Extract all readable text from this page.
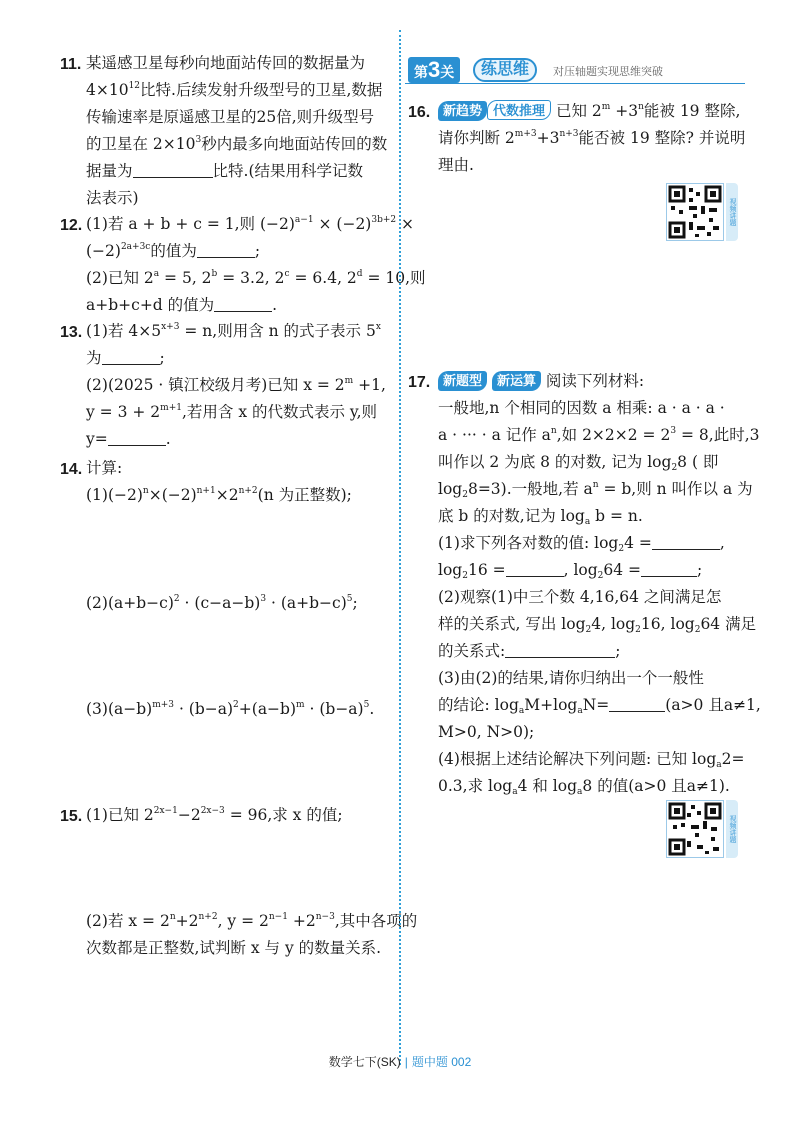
11. 某遥感卫星每秒向地面站传回的数据量为
$4\times 10^{12}$比特.后续发射升级型号的卫星,数据
传输速率是原遥感卫星的25倍,则升级型号
的卫星在 $2\times 10^3$秒内最多向地面站传回的数
据量为	比特.(结果用科学记数
法表示)
12. (1)若 a + b + c = 1,则 $(-2)^{a-1} \times (-2)^{3b+2}$ ×
$(-2)^{2a+3c}$的值为	;
(2)已知 $2^a = 5$, $2^b = 3.2$, $2^c = 6.4$, $2^d = 10$,则
a+b+c+d 的值为	.
13. (1)若 $4\times 5^{x+3} = n$,则用含 n 的式子表示 5$^x$
为	;
(2)(2025 · 镇江校级月考)已知 $x = 2^m +1$,
$y = 3 + 2^{m+1}$,若用含 x 的代数式表示 y,则
y=	.
14. 计算:
$(1)(-2)^n\times(-2)^{n+1}\times 2^{n+2}(n$ 为正整数);
$(2)(a+b-c)^2 \cdot (c-a-b)^3 \cdot (a+b-c)^5$;
$(3)(a-b)^{m+3} \cdot (b-a)^2+(a-b)^m \cdot (b-a)^5$.
15. (1)已知 $2^{2x-1}-2^{2x-3} = 96$,求 x 的值;
(2)若 $x = 2^n+2^{n+2}$, $y = 2^{n-1} +2^{n-3}$,其中各项的
次数都是正整数,试判断 x 与 y 的数量关系.
第3关	练思维	对压轴题实现思维突破
16. 新趋势 代数推理 已知 $2^m +3^n$能被 19 整除,
请你判断 $2^{m+3}+3^{n+3}$能否被 19 整除? 并说明
理由.
视频讲题
17. 新题型 新运算 阅读下列材料:
一般地,n 个相同的因数 a 相乘: a · a · a ·
a · ··· · a 记作 $a^n$,如 $2\times 2\times 2 = 2^3 = 8$,此时,3
叫作以 2 为底 8 的对数, 记为 $\log_28$ ( 即
$\log_28=3$).一般地,若 $a^n = b$,则 n 叫作以 a 为
底 b 的对数,记为 $\log_a b = n$.
(1)求下列各对数的值: $\log_24$ =	,
$\log_216$ =	, $\log_264$ =	;
(2)观察(1)中三个数 4,16,64 之间满足怎
样的关系式, 写出 $\log_24$, $\log_216$, $\log_264$ 满足
的关系式:	;
(3)由(2)的结果,请你归纳出一个一般性
的结论: $\log_aM+\log_aN=$	(a>0 且a≠1,
M>0, N>0);
(4)根据上述结论解决下列问题: 已知 $\log_a2=$
0.3,求 $\log_a4$ 和 $\log_a8$ 的值(a>0 且a≠1).
视频讲题
数学七下(SK) | 题中题 002
